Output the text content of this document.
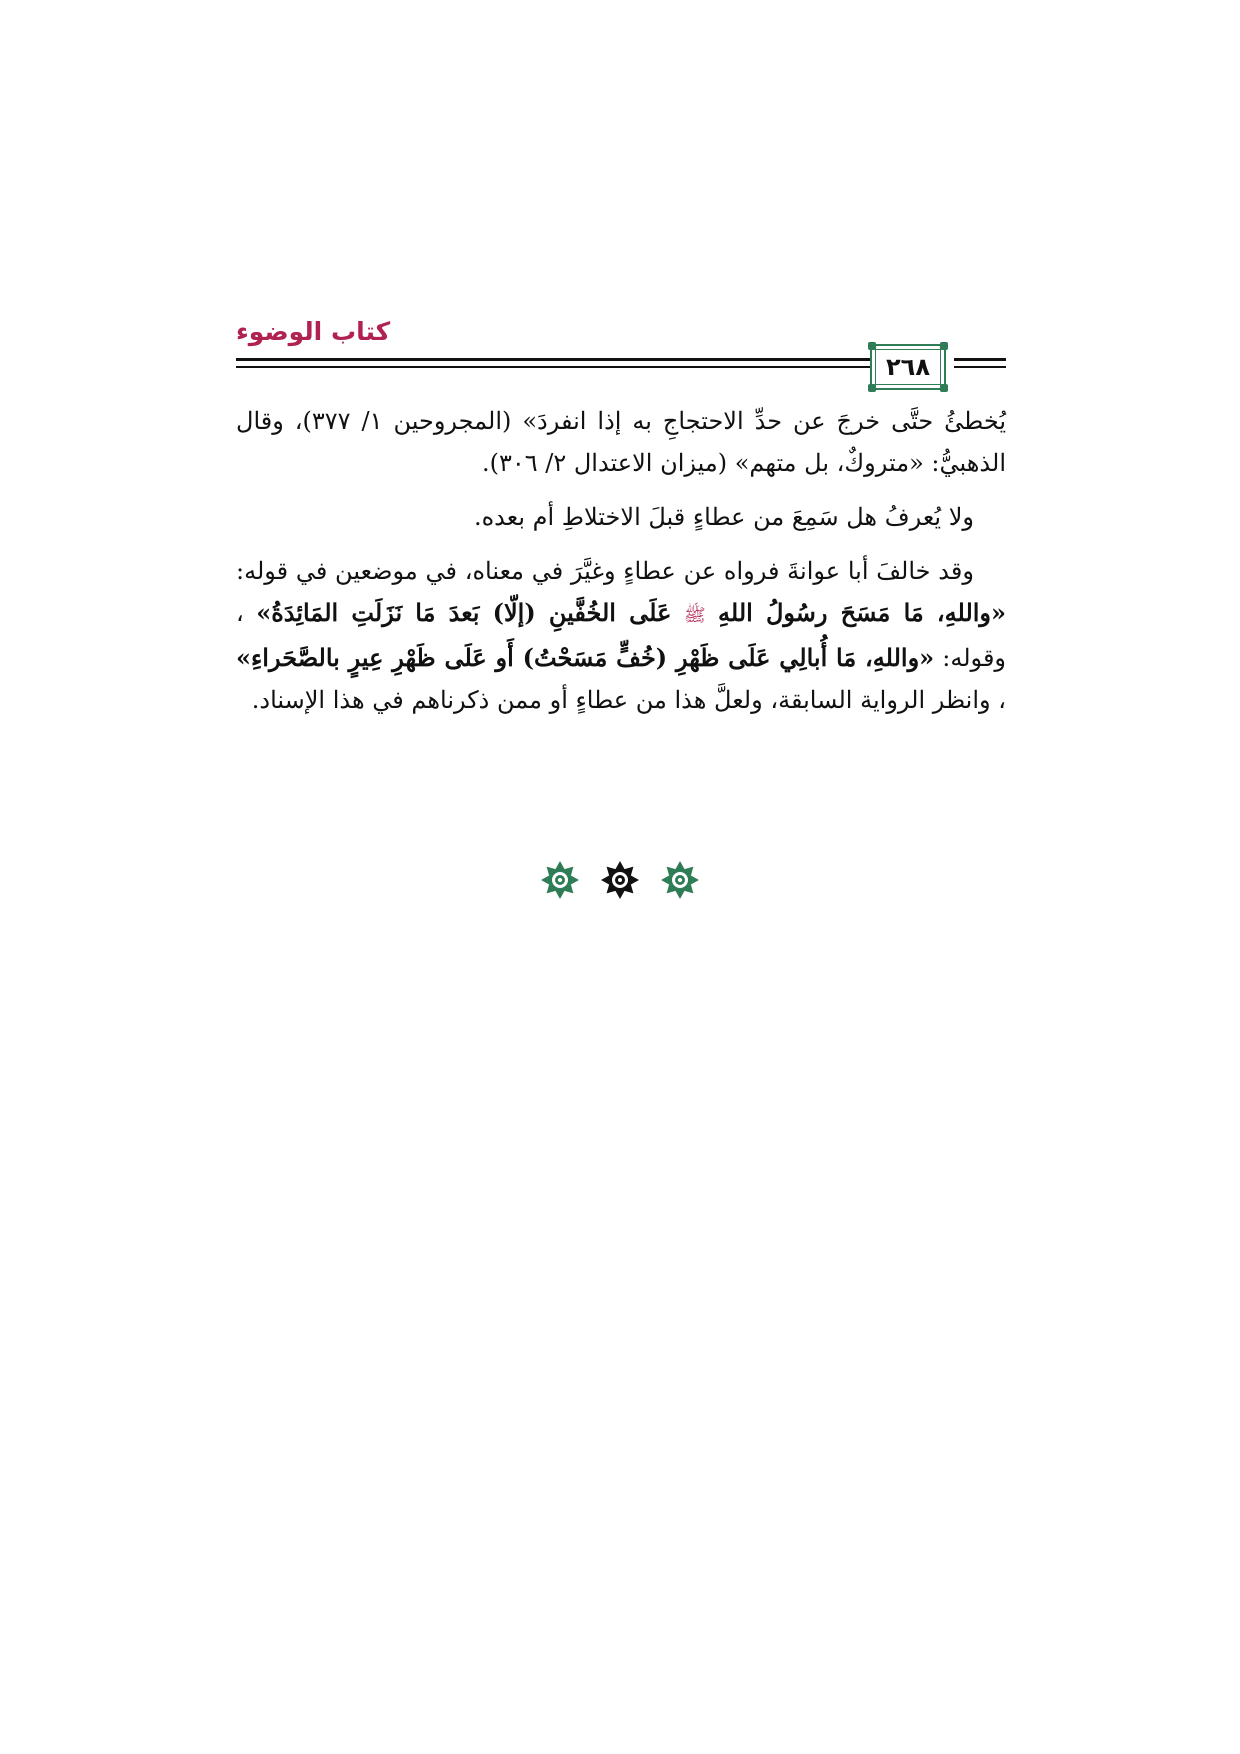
كتاب الوضوء
٢٦٨

يُخطئُ حتَّى خرجَ عن حدِّ الاحتجاجِ به إذا انفردَ» (المجروحين ١/ ٣٧٧)، وقال الذهبيُّ: «متروكٌ، بل متهم» (ميزان الاعتدال ٢/ ٣٠٦).

ولا يُعرفُ هل سَمِعَ من عطاءٍ قبلَ الاختلاطِ أم بعده.

وقد خالفَ أبا عوانةَ فرواه عن عطاءٍ وغيَّرَ في معناه، في موضعين في قوله: «واللهِ، مَا مَسَحَ رسُولُ اللهِ ﷺ عَلَى الخُفَّينِ (إلّا) بَعدَ مَا نَزَلَتِ المَائِدَةُ» ، وقوله: «واللهِ، مَا أُبالِي عَلَى ظَهْرِ (خُفٍّ مَسَحْتُ) أَو عَلَى ظَهْرِ عِيرٍ بالصَّحَراءِ» ، وانظر الرواية السابقة، ولعلَّ هذا من عطاءٍ أو ممن ذكرناهم في هذا الإسناد.
